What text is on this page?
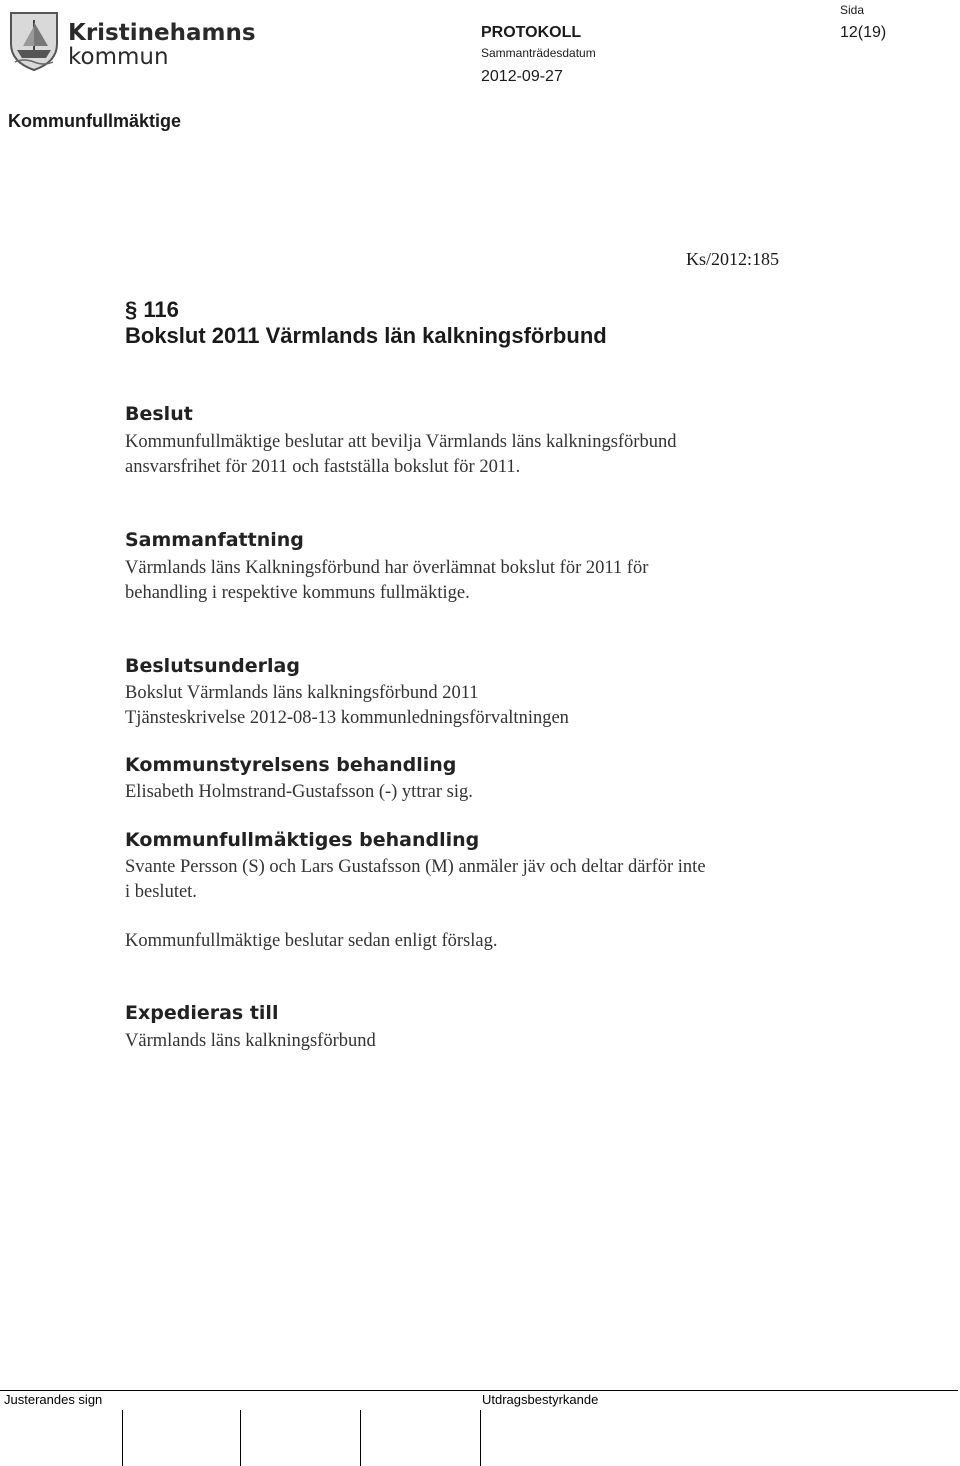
Kristinehamns
kommun
PROTOKOLL
Sammanträdesdatum
2012-09-27
Sida
12(19)
Kommunfullmäktige
Ks/2012:185
§ 116
Bokslut 2011 Värmlands län kalkningsförbund
Beslut
Kommunfullmäktige beslutar att bevilja Värmlands läns kalkningsförbund
ansvarsfrihet för 2011 och fastställa bokslut för 2011.
Sammanfattning
Värmlands läns Kalkningsförbund har överlämnat bokslut för 2011 för
behandling i respektive kommuns fullmäktige.
Beslutsunderlag
Bokslut Värmlands läns kalkningsförbund 2011
Tjänsteskrivelse 2012-08-13 kommunledningsförvaltningen
Kommunstyrelsens behandling
Elisabeth Holmstrand-Gustafsson (-) yttrar sig.
Kommunfullmäktiges behandling
Svante Persson (S) och Lars Gustafsson (M) anmäler jäv och deltar därför inte
i beslutet.
Kommunfullmäktige beslutar sedan enligt förslag.
Expedieras till
Värmlands läns kalkningsförbund
Justerandes sign	Utdragsbestyrkande
